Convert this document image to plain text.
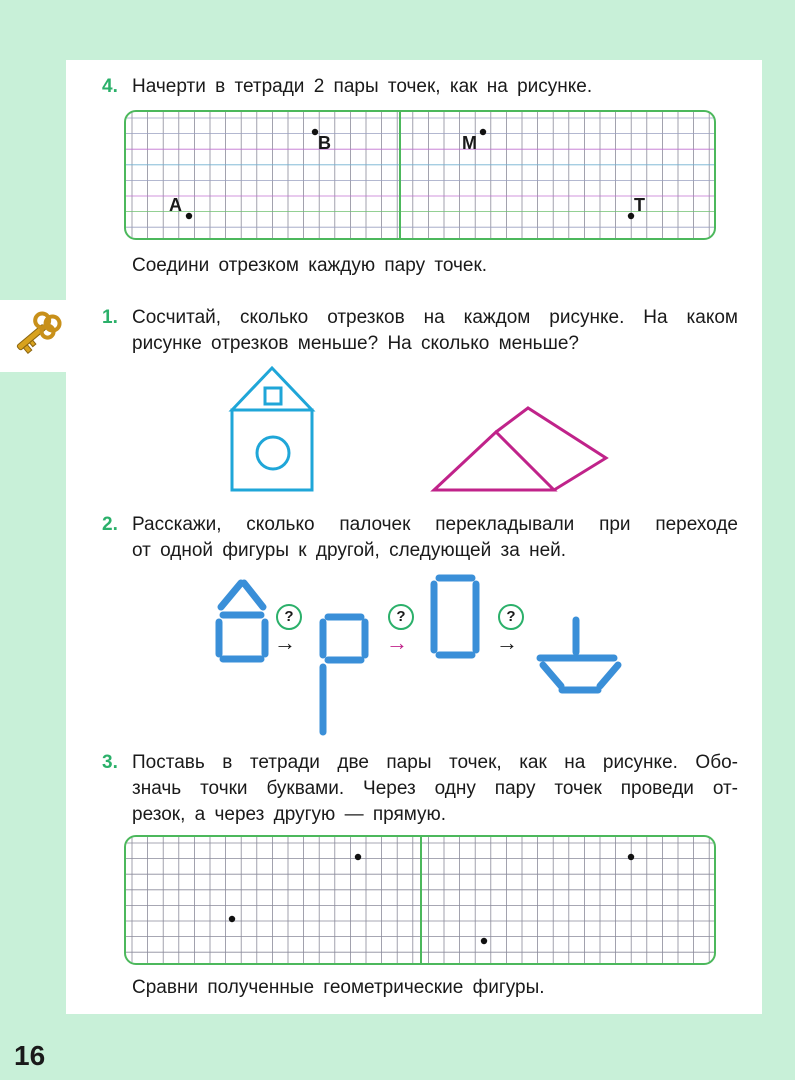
4. Начерти в тетради 2 пары точек, как на рисунке.
B	M
A	T
Соедини отрезком каждую пару точек.
1. Сосчитай, сколько отрезков на каждом рисунке. На каком
рисунке отрезков меньше? На сколько меньше?
2. Расскажи, сколько палочек перекладывали при переходе
от одной фигуры к другой, следующей за ней.
?
→
?
→
?
→
3. Поставь в тетради две пары точек, как на рисунке. Обо-
значь точки буквами. Через одну пару точек проведи от-
резок, а через другую — прямую.
Сравни полученные геометрические фигуры.
16
